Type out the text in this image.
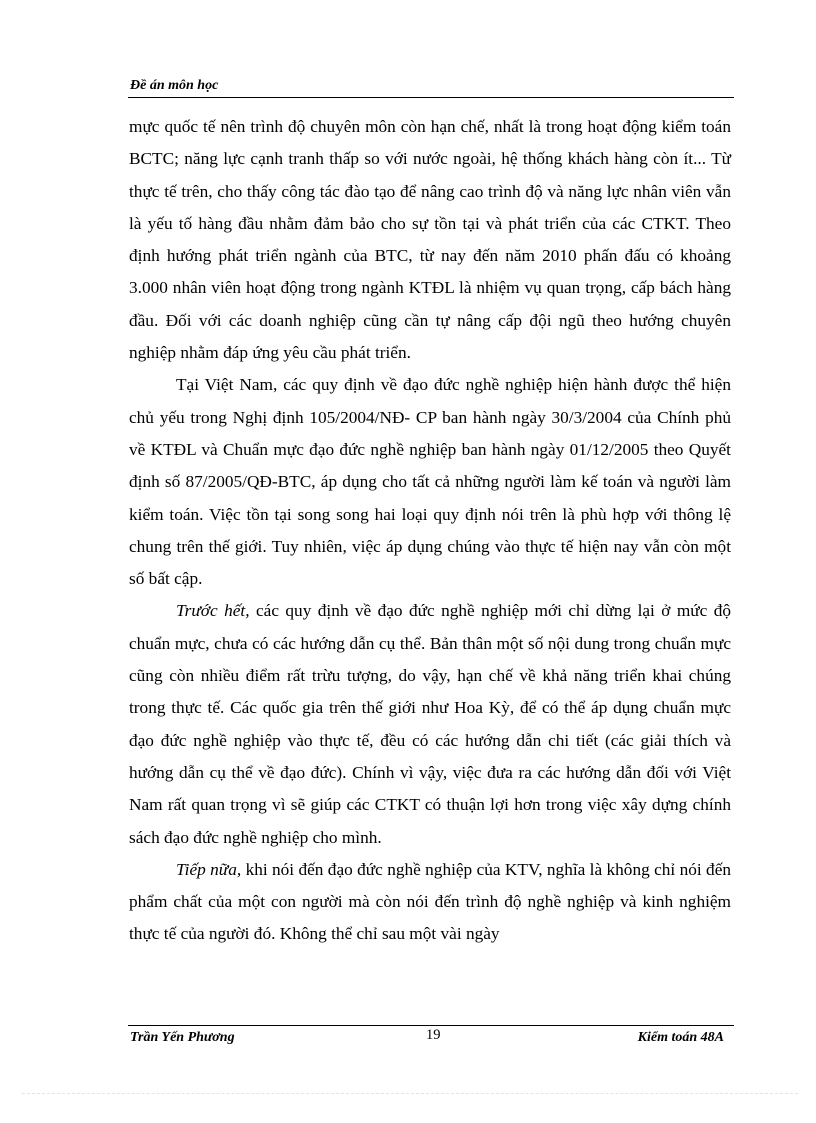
Đề án môn học

mực quốc tế nên trình độ chuyên môn còn hạn chế, nhất là trong hoạt động kiểm toán BCTC; năng lực cạnh tranh thấp so với nước ngoài, hệ thống khách hàng còn ít... Từ thực tế trên, cho thấy công tác đào tạo để nâng cao trình độ và năng lực nhân viên vẫn là yếu tố hàng đầu nhằm đảm bảo cho sự tồn tại và phát triển của các CTKT. Theo định hướng phát triển ngành của BTC, từ nay đến năm 2010 phấn đấu có khoảng 3.000 nhân viên hoạt động trong ngành KTĐL là nhiệm vụ quan trọng, cấp bách hàng đầu. Đối với các doanh nghiệp cũng cần tự nâng cấp đội ngũ theo hướng chuyên nghiệp nhằm đáp ứng yêu cầu phát triển.

Tại Việt Nam, các quy định về đạo đức nghề nghiệp hiện hành được thể hiện chủ yếu trong Nghị định 105/2004/NĐ- CP ban hành ngày 30/3/2004 của Chính phủ về KTĐL và Chuẩn mực đạo đức nghề nghiệp ban hành ngày 01/12/2005 theo Quyết định số 87/2005/QĐ-BTC, áp dụng cho tất cả những người làm kế toán và người làm kiểm toán. Việc tồn tại song song hai loại quy định nói trên là phù hợp với thông lệ chung trên thế giới. Tuy nhiên, việc áp dụng chúng vào thực tế hiện nay vẫn còn một số bất cập.

Trước hết, các quy định về đạo đức nghề nghiệp mới chỉ dừng lại ở mức độ chuẩn mực, chưa có các hướng dẫn cụ thể. Bản thân một số nội dung trong chuẩn mực cũng còn nhiều điểm rất trừu tượng, do vậy, hạn chế về khả năng triển khai chúng trong thực tế. Các quốc gia trên thế giới như Hoa Kỳ, để có thể áp dụng chuẩn mực đạo đức nghề nghiệp vào thực tế, đều có các hướng dẫn chi tiết (các giải thích và hướng dẫn cụ thể về đạo đức). Chính vì vậy, việc đưa ra các hướng dẫn đối với Việt Nam rất quan trọng vì sẽ giúp các CTKT có thuận lợi hơn trong việc xây dựng chính sách đạo đức nghề nghiệp cho mình.

Tiếp nữa, khi nói đến đạo đức nghề nghiệp của KTV, nghĩa là không chỉ nói đến phẩm chất của một con người mà còn nói đến trình độ nghề nghiệp và kinh nghiệm thực tế của người đó. Không thể chỉ sau một vài ngày

Trần Yến Phương	19	Kiểm toán 48A
